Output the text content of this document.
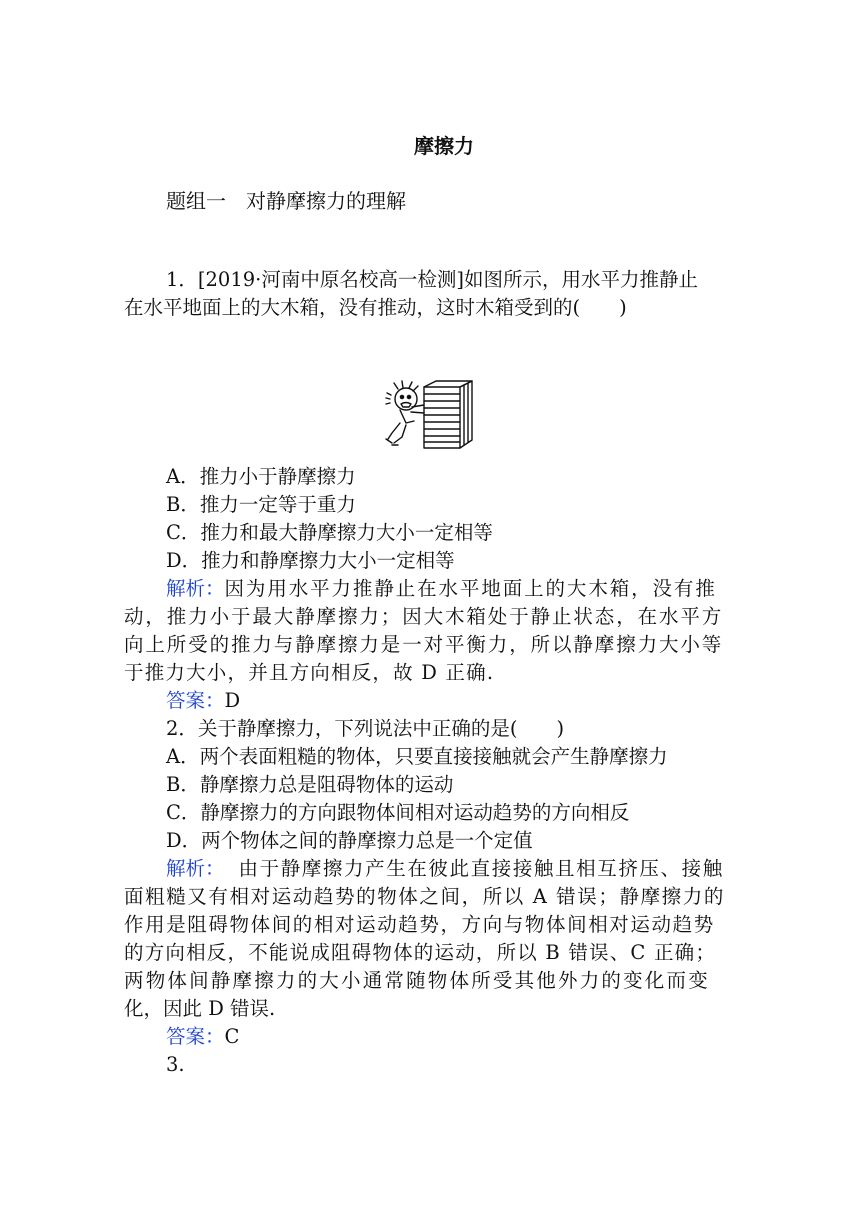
摩擦力
题组一　对静摩擦力的理解
1．[2019·河南中原名校高一检测]如图所示，用水平力推静止
在水平地面上的大木箱，没有推动，这时木箱受到的(　　)
A．推力小于静摩擦力
B．推力一定等于重力
C．推力和最大静摩擦力大小一定相等
D．推力和静摩擦力大小一定相等
解析：因为用水平力推静止在水平地面上的大木箱，没有推
动，推力小于最大静摩擦力；因大木箱处于静止状态，在水平方
向上所受的推力与静摩擦力是一对平衡力，所以静摩擦力大小等
于推力大小，并且方向相反，故 D 正确.
答案：D
2．关于静摩擦力，下列说法中正确的是(　　)
A．两个表面粗糙的物体，只要直接接触就会产生静摩擦力
B．静摩擦力总是阻碍物体的运动
C．静摩擦力的方向跟物体间相对运动趋势的方向相反
D．两个物体之间的静摩擦力总是一个定值
解析： 由于静摩擦力产生在彼此直接接触且相互挤压、接触
面粗糙又有相对运动趋势的物体之间，所以 A 错误；静摩擦力的
作用是阻碍物体间的相对运动趋势，方向与物体间相对运动趋势
的方向相反，不能说成阻碍物体的运动，所以 B 错误、C 正确；
两物体间静摩擦力的大小通常随物体所受其他外力的变化而变
化，因此 D 错误.
答案：C
3.
